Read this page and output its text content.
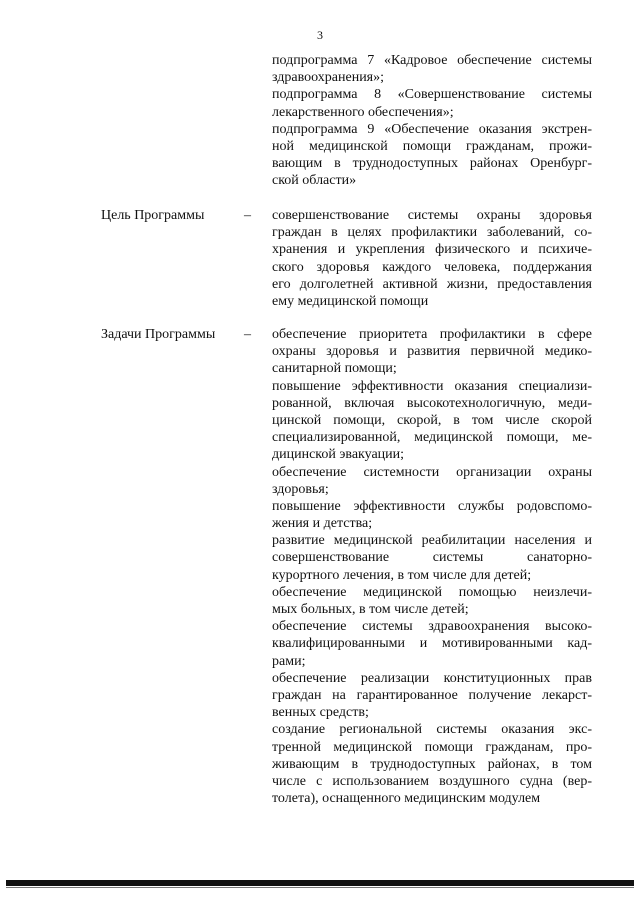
3
подпрограмма 7 «Кадровое обеспечение системы
здравоохранения»;
подпрограмма 8 «Совершенствование системы
лекарственного обеспечения»;
подпрограмма 9 «Обеспечение оказания экстрен-
ной медицинской помощи гражданам, прожи-
вающим в труднодоступных районах Оренбург-
ской области»
Цель Программы	– совершенствование системы охраны здоровья
граждан в целях профилактики заболеваний, со-
хранения и укрепления физического и психиче-
ского здоровья каждого человека, поддержания
его долголетней активной жизни, предоставления
ему медицинской помощи
Задачи Программы – обеспечение приоритета профилактики в сфере
охраны здоровья и развития первичной медико-
санитарной помощи;
повышение эффективности оказания специализи-
рованной, включая высокотехнологичную, меди-
цинской помощи, скорой, в том числе скорой
специализированной, медицинской помощи, ме-
дицинской эвакуации;
обеспечение системности организации охраны
здоровья;
повышение эффективности службы родовспомо-
жения и детства;
развитие медицинской реабилитации населения и
совершенствование системы санаторно-
курортного лечения, в том числе для детей;
обеспечение медицинской помощью неизлечи-
мых больных, в том числе детей;
обеспечение системы здравоохранения высоко-
квалифицированными и мотивированными кад-
рами;
обеспечение реализации конституционных прав
граждан на гарантированное получение лекарст-
венных средств;
создание региональной системы оказания экс-
тренной медицинской помощи гражданам, про-
живающим в труднодоступных районах, в том
числе с использованием воздушного судна (вер-
толета), оснащенного медицинским модулем
